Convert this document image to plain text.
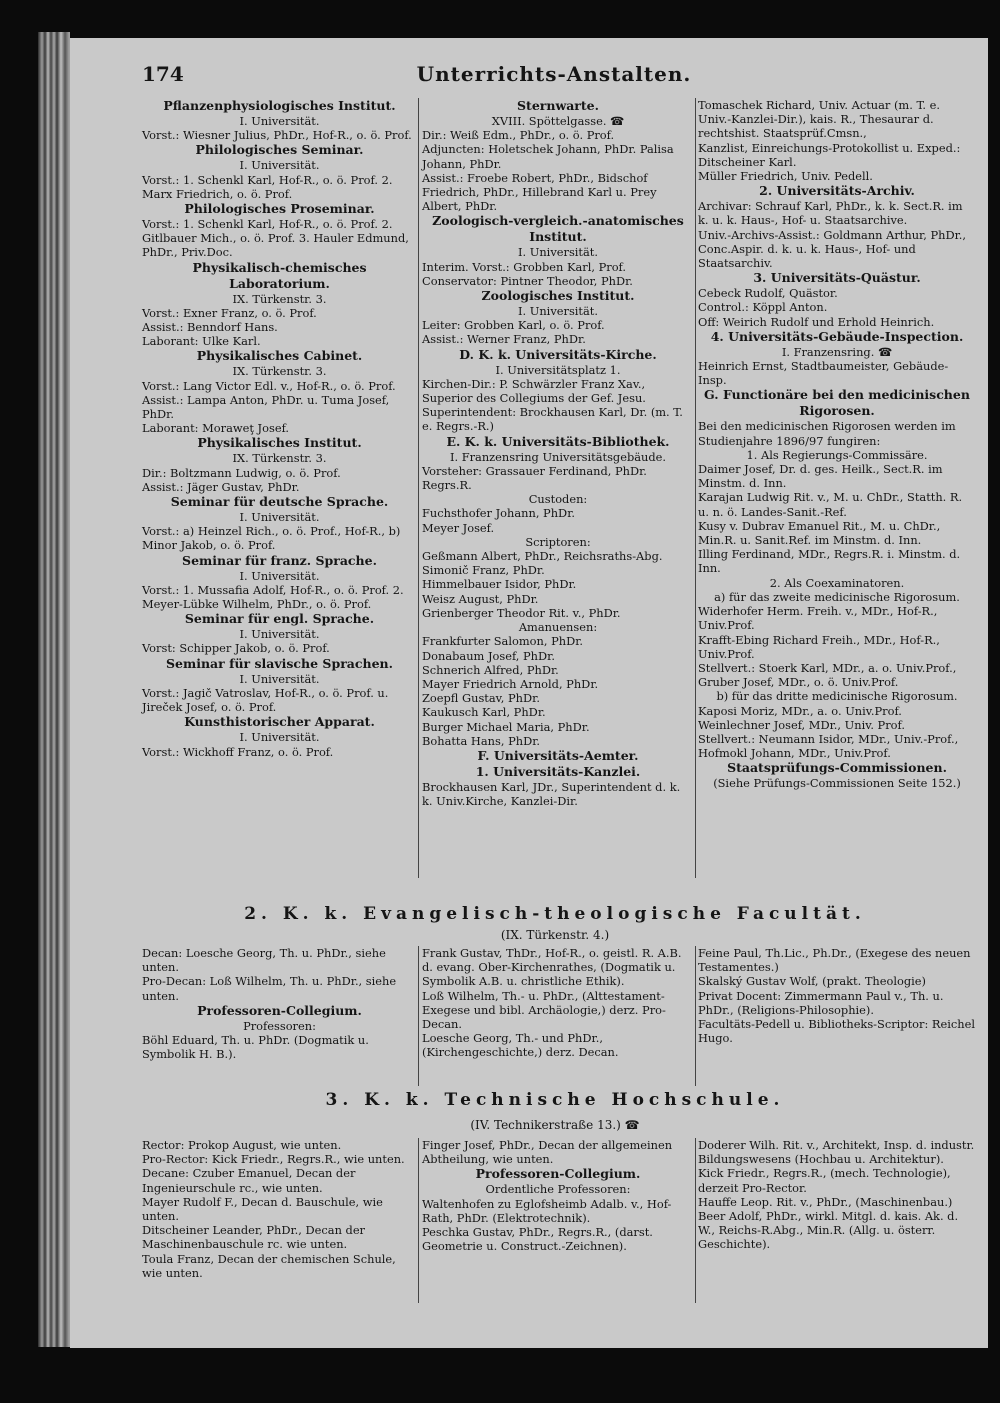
174	Unterrichts-Anstalten.
Pflanzenphysiologisches Institut.
I. Universität.
Vorst.: Wiesner Julius, PhDr., Hof-R., o. ö. Prof.
Philologisches Seminar.
I. Universität.
Vorst.: 1. Schenkl Karl, Hof-R., o. ö. Prof. 2. Marx Friedrich, o. ö. Prof.
Philologisches Proseminar.
Vorst.: 1. Schenkl Karl, Hof-R., o. ö. Prof. 2. Gitlbauer Mich., o. ö. Prof. 3. Hauler Edmund, PhDr., Priv.Doc.
Physikalisch-chemisches Laboratorium.
IX. Türkenstr. 3.
Vorst.: Exner Franz, o. ö. Prof.
Assist.: Benndorf Hans.
Laborant: Ulke Karl.
Physikalisches Cabinet.
IX. Türkenstr. 3.
Vorst.: Lang Victor Edl. v., Hof-R., o. ö. Prof.
Assist.: Lampa Anton, PhDr. u. Tuma Josef, PhDr.
Laborant: Moraweţ Josef.
Physikalisches Institut.
IX. Türkenstr. 3.
Dir.: Boltzmann Ludwig, o. ö. Prof.
Assist.: Jäger Gustav, PhDr.
Seminar für deutsche Sprache.
I. Universität.
Vorst.: a) Heinzel Rich., o. ö. Prof., Hof-R., b) Minor Jakob, o. ö. Prof.
Seminar für franz. Sprache.
I. Universität.
Vorst.: 1. Mussafia Adolf, Hof-R., o. ö. Prof. 2. Meyer-Lübke Wilhelm, PhDr., o. ö. Prof.
Seminar für engl. Sprache.
I. Universität.
Vorst: Schipper Jakob, o. ö. Prof.
Seminar für slavische Sprachen.
I. Universität.
Vorst.: Jagič Vatroslav, Hof-R., o. ö. Prof. u. Jireček Josef, o. ö. Prof.
Kunsthistorischer Apparat.
I. Universität.
Vorst.: Wickhoff Franz, o. ö. Prof.
Sternwarte.
XVIII. Spöttelgasse. ☎
Dir.: Weiß Edm., PhDr., o. ö. Prof.
Adjuncten: Holetschek Johann, PhDr. Palisa Johann, PhDr.
Assist.: Froebe Robert, PhDr., Bidschof Friedrich, PhDr., Hillebrand Karl u. Prey Albert, PhDr.
Zoologisch-vergleich.-anatomisches Institut.
I. Universität.
Interim. Vorst.: Grobben Karl, Prof.
Conservator: Pintner Theodor, PhDr.
Zoologisches Institut.
I. Universität.
Leiter: Grobben Karl, o. ö. Prof.
Assist.: Werner Franz, PhDr.
D. K. k. Universitäts-Kirche.
I. Universitätsplatz 1.
Kirchen-Dir.: P. Schwärzler Franz Xav., Superior des Collegiums der Gef. Jesu.
Superintendent: Brockhausen Karl, Dr. (m. T. e. Regrs.-R.)
E. K. k. Universitäts-Bibliothek.
I. Franzensring Universitätsgebäude.
Vorsteher: Grassauer Ferdinand, PhDr. Regrs.R.
Custoden:
Fuchsthofer Johann, PhDr.
Meyer Josef.
Scriptoren:
Geßmann Albert, PhDr., Reichsraths-Abg.
Simonič Franz, PhDr.
Himmelbauer Isidor, PhDr.
Weisz August, PhDr.
Grienberger Theodor Rit. v., PhDr.
Amanuensen:
Frankfurter Salomon, PhDr.
Donabaum Josef, PhDr.
Schnerich Alfred, PhDr.
Mayer Friedrich Arnold, PhDr.
Zoepfl Gustav, PhDr.
Kaukusch Karl, PhDr.
Burger Michael Maria, PhDr.
Bohatta Hans, PhDr.
F. Universitäts-Aemter.
1. Universitäts-Kanzlei.
Brockhausen Karl, JDr., Superintendent d. k. k. Univ.Kirche, Kanzlei-Dir.
Tomaschek Richard, Univ. Actuar (m. T. e. Univ.-Kanzlei-Dir.), kais. R., Thesaurar d. rechtshist. Staatsprüf.Cmsn.,
Kanzlist, Einreichungs-Protokollist u. Exped.: Ditscheiner Karl.
Müller Friedrich, Univ. Pedell.
2. Universitäts-Archiv.
Archivar: Schrauf Karl, PhDr., k. k. Sect.R. im k. u. k. Haus-, Hof- u. Staatsarchive.
Univ.-Archivs-Assist.: Goldmann Arthur, PhDr., Conc.Aspir. d. k. u. k. Haus-, Hof- und Staatsarchiv.
3. Universitäts-Quästur.
Cebeck Rudolf, Quästor.
Control.: Köppl Anton.
Off: Weirich Rudolf und Erhold Heinrich.
4. Universitäts-Gebäude-Inspection.
I. Franzensring. ☎
Heinrich Ernst, Stadtbaumeister, Gebäude-Insp.
G. Functionäre bei den medicinischen Rigorosen.
Bei den medicinischen Rigorosen werden im Studienjahre 1896/97 fungiren:
1. Als Regierungs-Commissäre.
Daimer Josef, Dr. d. ges. Heilk., Sect.R. im Minstm. d. Inn.
Karajan Ludwig Rit. v., M. u. ChDr., Statth. R. u. n. ö. Landes-Sanit.-Ref.
Kusy v. Dubrav Emanuel Rit., M. u. ChDr., Min.R. u. Sanit.Ref. im Minstm. d. Inn.
Illing Ferdinand, MDr., Regrs.R. i. Minstm. d. Inn.
2. Als Coexaminatoren.
a) für das zweite medicinische Rigorosum.
Widerhofer Herm. Freih. v., MDr., Hof-R., Univ.Prof.
Krafft-Ebing Richard Freih., MDr., Hof-R., Univ.Prof.
Stellvert.: Stoerk Karl, MDr., a. o. Univ.Prof., Gruber Josef, MDr., o. ö. Univ.Prof.
b) für das dritte medicinische Rigorosum.
Kaposi Moriz, MDr., a. o. Univ.Prof.
Weinlechner Josef, MDr., Univ. Prof.
Stellvert.: Neumann Isidor, MDr., Univ.-Prof., Hofmokl Johann, MDr., Univ.Prof.
Staatsprüfungs-Commissionen.
(Siehe Prüfungs-Commissionen Seite 152.)
2. K. k. Evangelisch-theologische Facultät.
(IX. Türkenstr. 4.)
Decan: Loesche Georg, Th. u. PhDr., siehe unten.
Pro-Decan: Loß Wilhelm, Th. u. PhDr., siehe unten.
Professoren-Collegium.
Professoren:
Böhl Eduard, Th. u. PhDr. (Dogmatik u. Symbolik H. B.).
Frank Gustav, ThDr., Hof-R., o. geistl. R. A.B. d. evang. Ober-Kirchenrathes, (Dogmatik u. Symbolik A.B. u. christliche Ethik).
Loß Wilhelm, Th.- u. PhDr., (Alttestament-Exegese und bibl. Archäologie,) derz. Pro-Decan.
Loesche Georg, Th.- und PhDr., (Kirchengeschichte,) derz. Decan.
Feine Paul, Th.Lic., Ph.Dr., (Exegese des neuen Testamentes.)
Skalský Gustav Wolf, (prakt. Theologie)
Privat Docent: Zimmermann Paul v., Th. u. PhDr., (Religions-Philosophie).
Facultäts-Pedell u. Bibliotheks-Scriptor: Reichel Hugo.
3. K. k. Technische Hochschule.
(IV. Technikerstraße 13.) ☎
Rector: Prokop August, wie unten.
Pro-Rector: Kick Friedr., Regrs.R., wie unten.
Decane: Czuber Emanuel, Decan der Ingenieurschule rc., wie unten.
Mayer Rudolf F., Decan d. Bauschule, wie unten.
Ditscheiner Leander, PhDr., Decan der Maschinenbauschule rc. wie unten.
Toula Franz, Decan der chemischen Schule, wie unten.
Finger Josef, PhDr., Decan der allgemeinen Abtheilung, wie unten.
Professoren-Collegium.
Ordentliche Professoren:
Waltenhofen zu Eglofsheimb Adalb. v., Hof-Rath, PhDr. (Elektrotechnik).
Peschka Gustav, PhDr., Regrs.R., (darst. Geometrie u. Construct.-Zeichnen).
Doderer Wilh. Rit. v., Architekt, Insp. d. industr. Bildungswesens (Hochbau u. Architektur).
Kick Friedr., Regrs.R., (mech. Technologie), derzeit Pro-Rector.
Hauffe Leop. Rit. v., PhDr., (Maschinenbau.)
Beer Adolf, PhDr., wirkl. Mitgl. d. kais. Ak. d. W., Reichs-R.Abg., Min.R. (Allg. u. österr. Geschichte).
